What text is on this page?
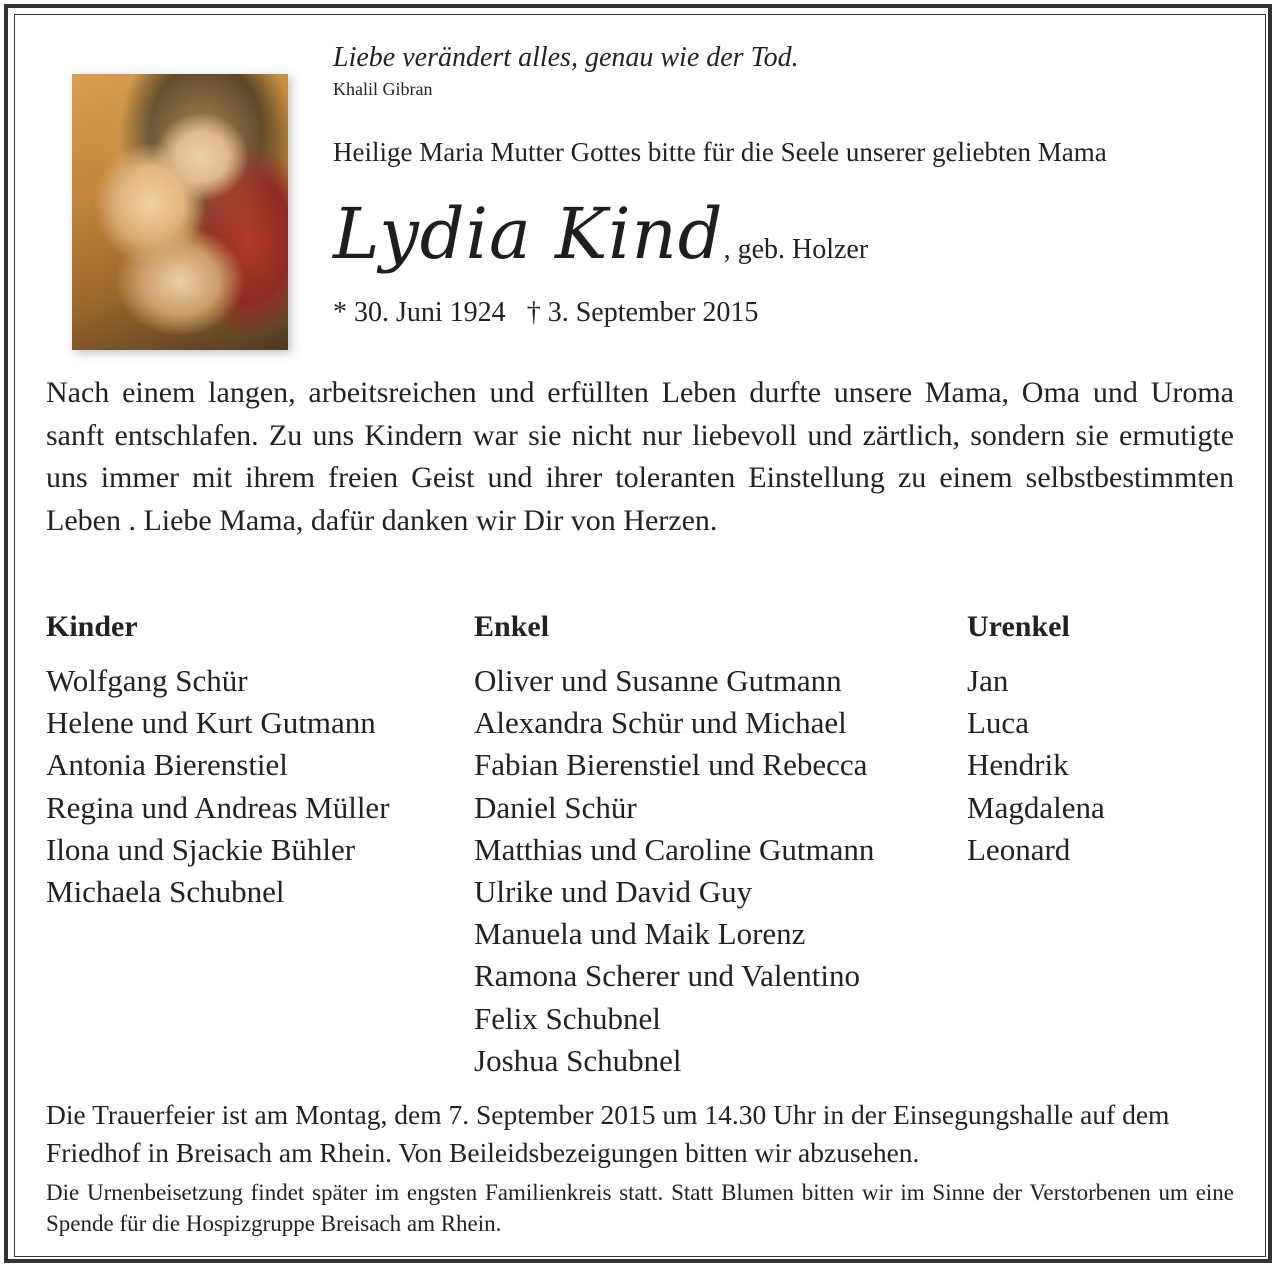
Liebe verändert alles, genau wie der Tod.
Khalil Gibran
Heilige Maria Mutter Gottes bitte für die Seele unserer geliebten Mama
Lydia Kind, geb. Holzer
* 30. Juni 1924 † 3. September 2015
Nach einem langen, arbeitsreichen und erfüllten Leben durfte unsere Mama, Oma und Uroma sanft entschlafen. Zu uns Kindern war sie nicht nur liebevoll und zärtlich, sondern sie ermutigte uns immer mit ihrem freien Geist und ihrer toleranten Einstellung zu einem selbstbestimmten Leben . Liebe Mama, dafür danken wir Dir von Herzen.
Kinder
Wolfgang Schür
Helene und Kurt Gutmann
Antonia Bierenstiel
Regina und Andreas Müller
Ilona und Sjackie Bühler
Michaela Schubnel
Enkel
Oliver und Susanne Gutmann
Alexandra Schür und Michael
Fabian Bierenstiel und Rebecca
Daniel Schür
Matthias und Caroline Gutmann
Ulrike und David Guy
Manuela und Maik Lorenz
Ramona Scherer und Valentino
Felix Schubnel
Joshua Schubnel
Urenkel
Jan
Luca
Hendrik
Magdalena
Leonard
Die Trauerfeier ist am Montag, dem 7. September 2015 um 14.30 Uhr in der Einsegungshalle auf dem Friedhof in Breisach am Rhein. Von Beileidsbezeigungen bitten wir abzusehen.
Die Urnenbeisetzung findet später im engsten Familienkreis statt. Statt Blumen bitten wir im Sinne der Verstorbenen um eine Spende für die Hospizgruppe Breisach am Rhein.
